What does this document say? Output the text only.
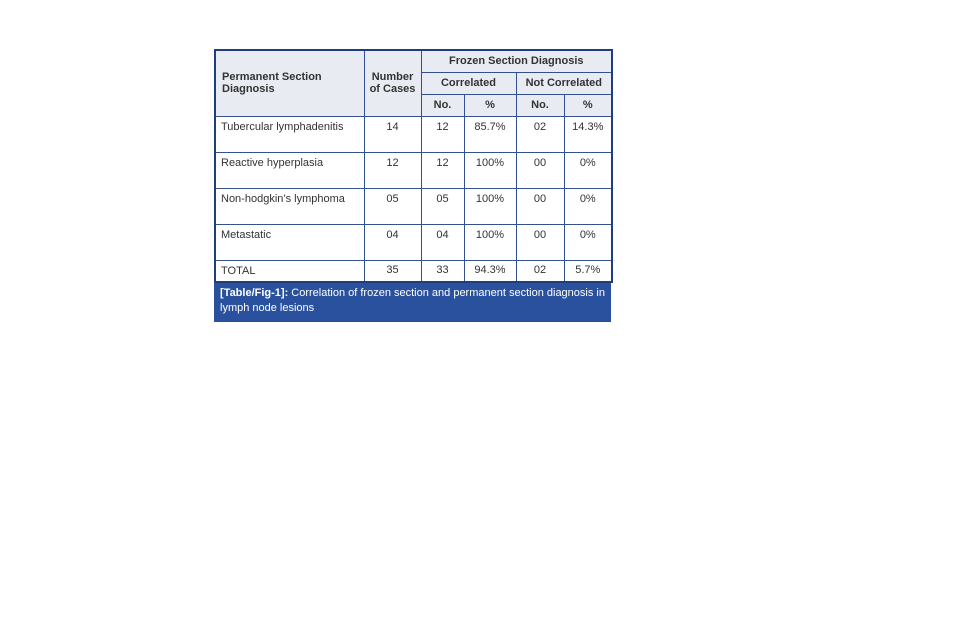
Permanent Section Diagnosis	Number of Cases	Frozen Section Diagnosis			
		Correlated		Not Correlated	
		No.	%	No.	%
Tubercular lymphadenitis	14	12	85.7%	02	14.3%
Reactive hyperplasia	12	12	100%	00	0%
Non-hodgkin’s lymphoma	05	05	100%	00	0%
Metastatic	04	04	100%	00	0%
TOTAL	35	33	94.3%	02	5.7%
[Table/Fig-1]: Correlation of frozen section and permanent section diagnosis in lymph node lesions
